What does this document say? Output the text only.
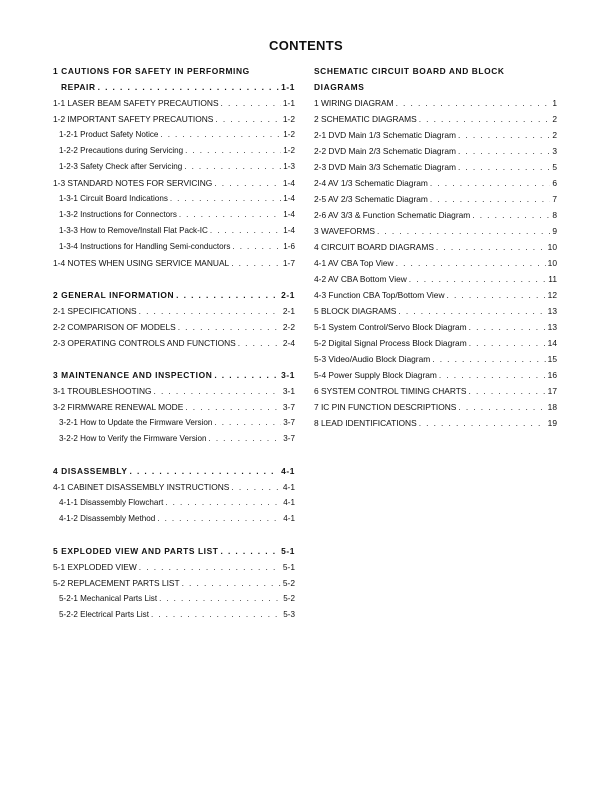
CONTENTS
1 CAUTIONS FOR SAFETY IN PERFORMING
REPAIR . . .	1-1
1-1 LASER BEAM SAFETY PRECAUTIONS . . .	1-1
1-2 IMPORTANT SAFETY PRECAUTIONS . . .	1-2
1-2-1 Product Safety Notice . . .	1-2
1-2-2 Precautions during Servicing . . .	1-2
1-2-3 Safety Check after Servicing . . .	1-3
1-3 STANDARD NOTES FOR SERVICING . . .	1-4
1-3-1 Circuit Board Indications . . .	1-4
1-3-2 Instructions for Connectors . . .	1-4
1-3-3 How to Remove/Install Flat Pack-IC . . .	1-4
1-3-4 Instructions for Handling Semi-conductors . . .	1-6
1-4 NOTES WHEN USING SERVICE MANUAL . . .	1-7
2 GENERAL INFORMATION . . .	2-1
2-1 SPECIFICATIONS . . .	2-1
2-2 COMPARISON OF MODELS . . .	2-2
2-3 OPERATING CONTROLS AND FUNCTIONS . . .	2-4
3 MAINTENANCE AND INSPECTION . . .	3-1
3-1 TROUBLESHOOTING . . .	3-1
3-2 FIRMWARE RENEWAL MODE . . .	3-7
3-2-1 How to Update the Firmware Version . . .	3-7
3-2-2 How to Verify the Firmware Version . . .	3-7
4 DISASSEMBLY . . .	4-1
4-1 CABINET DISASSEMBLY INSTRUCTIONS . . .	4-1
4-1-1 Disassembly Flowchart . . .	4-1
4-1-2 Disassembly Method . . .	4-1
5 EXPLODED VIEW AND PARTS LIST . . .	5-1
5-1 EXPLODED VIEW . . .	5-1
5-2 REPLACEMENT PARTS LIST . . .	5-2
5-2-1 Mechanical Parts List . . .	5-2
5-2-2 Electrical Parts List . . .	5-3
SCHEMATIC CIRCUIT BOARD AND BLOCK
DIAGRAMS
1 WIRING DIAGRAM . . .	1
2 SCHEMATIC DIAGRAMS . . .	2
2-1 DVD Main 1/3 Schematic Diagram . . .	2
2-2 DVD Main 2/3 Schematic Diagram . . .	3
2-3 DVD Main 3/3 Schematic Diagram . . .	5
2-4 AV 1/3 Schematic Diagram . . .	6
2-5 AV 2/3 Schematic Diagram . . .	7
2-6 AV 3/3 & Function Schematic Diagram . . .	8
3 WAVEFORMS . . .	9
4 CIRCUIT BOARD DIAGRAMS . . .	10
4-1 AV CBA Top View . . .	10
4-2 AV CBA Bottom View . . .	11
4-3 Function CBA Top/Bottom View . . .	12
5 BLOCK DIAGRAMS . . .	13
5-1 System Control/Servo Block Diagram . . .	13
5-2 Digital Signal Process Block Diagram . . .	14
5-3 Video/Audio Block Diagram . . .	15
5-4 Power Supply Block Diagram . . .	16
6 SYSTEM CONTROL TIMING CHARTS . . .	17
7 IC PIN FUNCTION DESCRIPTIONS . . .	18
8 LEAD IDENTIFICATIONS . . .	19
